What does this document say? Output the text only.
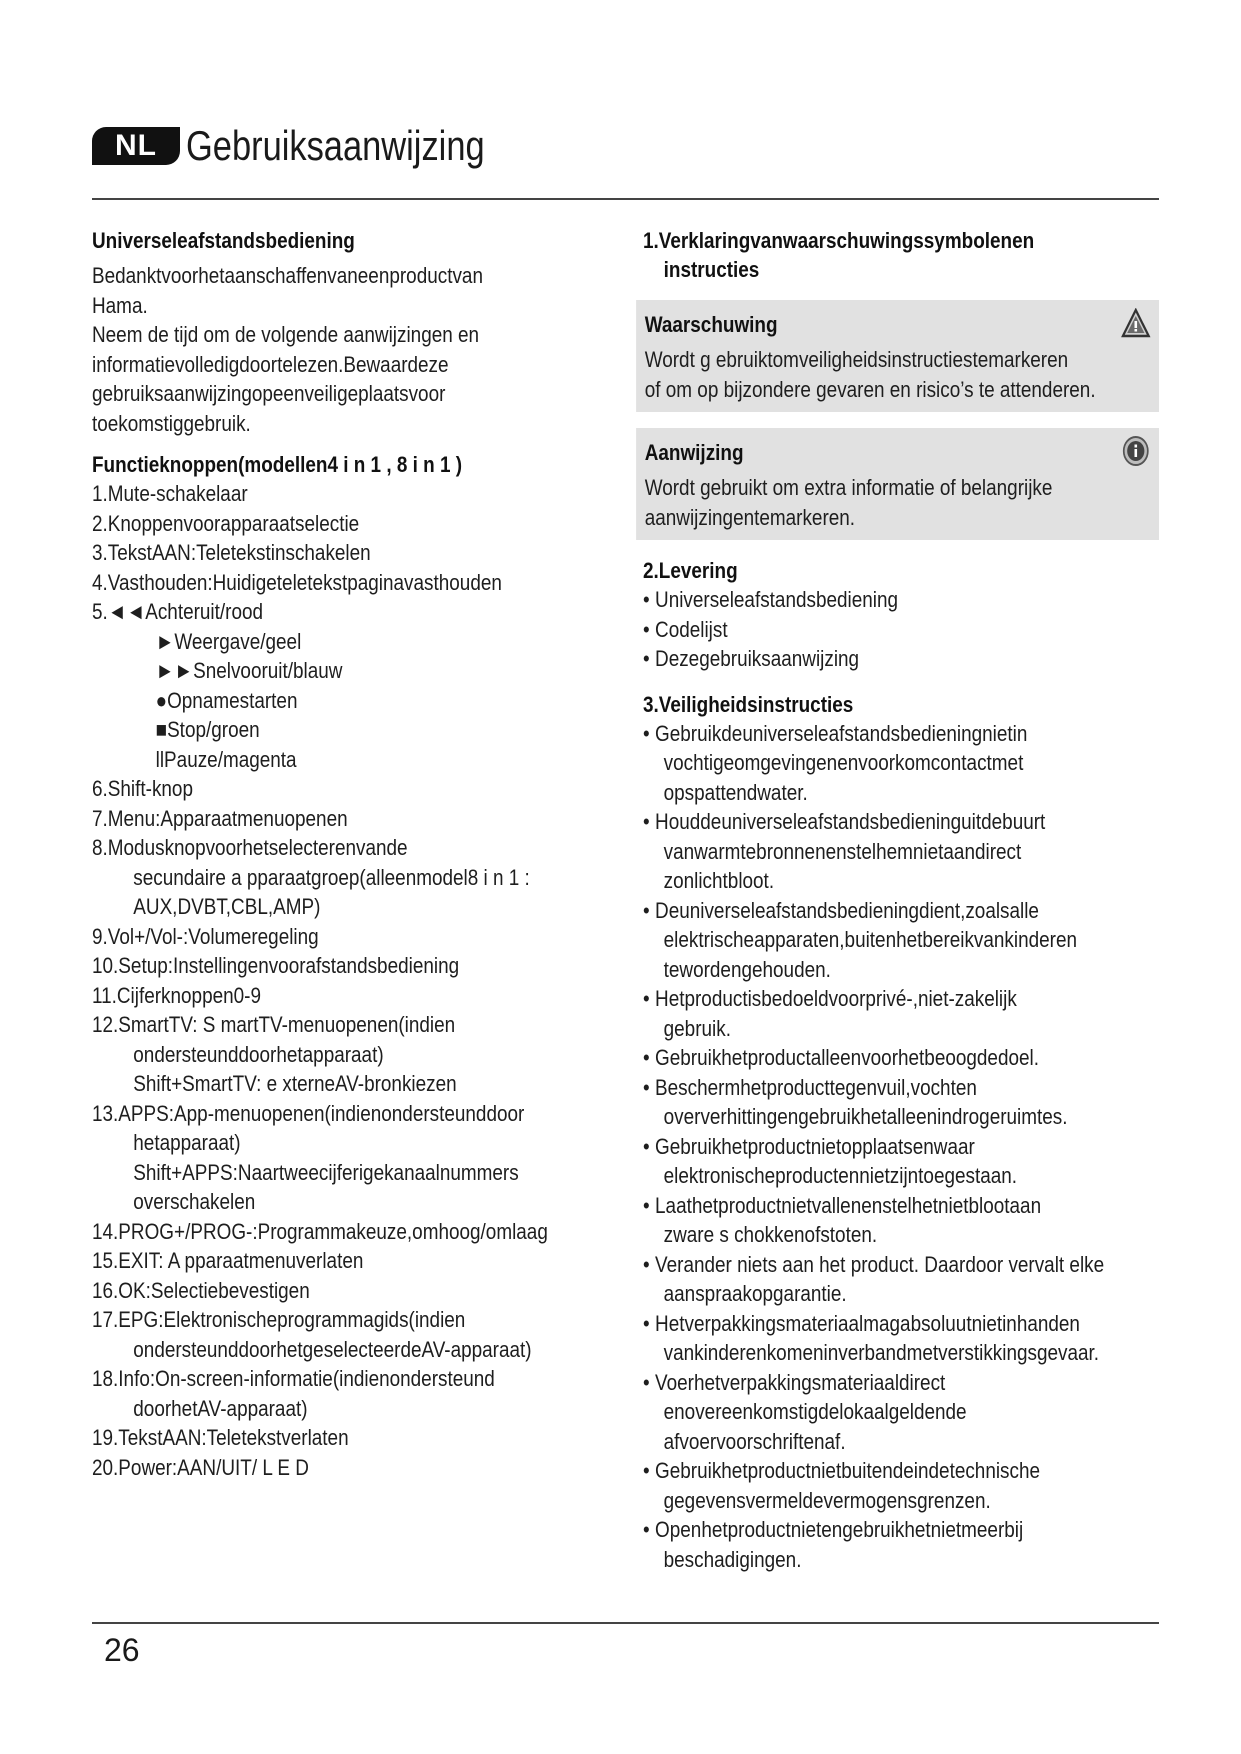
NL Gebruiksaanwijzing

Universeleafstandsbediening

Bedanktvoorhetaanschaffenvaneenproductvan

Hama.

Neem de tijd om de volgende aanwijzingen en

informatievolledigdoortelezen.Bewaardeze

gebruiksaanwijzingopeenveiligeplaatsvoor

toekomstiggebruik.

Functieknoppen(modellen4 i n 1 , 8 i n 1 )

1.Mute-schakelaar

2.Knoppenvoorapparaatselectie

3.TekstAAN:Teletekstinschakelen

4.Vasthouden:Huidigeteletekstpaginavasthouden

5.◄◄Achteruit/rood

►Weergave/geel

►►Snelvooruit/blauw

●Opnamestarten

■Stop/groen

llPauze/magenta

6.Shift-knop

7.Menu:Apparaatmenuopenen

8.Modusknopvoorhetselecterenvande

secundaire a pparaatgroep(alleenmodel8 i n 1 :

AUX,DVBT,CBL,AMP)

9.Vol+/Vol-:Volumeregeling

10.Setup:Instellingenvoorafstandsbediening

11.Cijferknoppen0-9

12.SmartTV: S martTV-menuopenen(indien

ondersteunddoorhetapparaat)

Shift+SmartTV: e xterneAV-bronkiezen

13.APPS:App-menuopenen(indienondersteunddoor

hetapparaat)

Shift+APPS:Naartweecijferigekanaalnummers

overschakelen

14.PROG+/PROG-:Programmakeuze,omhoog/omlaag

15.EXIT: A pparaatmenuverlaten

16.OK:Selectiebevestigen

17.EPG:Elektronischeprogrammagids(indien

ondersteunddoorhetgeselecteerdeAV-apparaat)

18.Info:On-screen-informatie(indienondersteund

doorhetAV-apparaat)

19.TekstAAN:Teletekstverlaten

20.Power:AAN/UIT/ L E D

1.Verklaringvanwaarschuwingssymbolenen

instructies

Waarschuwing

Wordt g ebruiktomveiligheidsinstructiestemarkeren

of om op bijzondere gevaren en risico’s te attenderen.

Aanwijzing

Wordt gebruikt om extra informatie of belangrijke

aanwijzingentemarkeren.

2.Levering

• Universeleafstandsbediening
• Codelijst
• Dezegebruiksaanwijzing

3.Veiligheidsinstructies

• Gebruikdeuniverseleafstandsbedieningnietin
vochtigeomgevingenenvoorkomcontactmet
opspattendwater.
• Houddeuniverseleafstandsbedieninguitdebuurt
vanwarmtebronnenenstelhemnietaandirect
zonlichtbloot.
• Deuniverseleafstandsbedieningdient,zoalsalle
elektrischeapparaten,buitenhetbereikvankinderen
tewordengehouden.
• Hetproductisbedoeldvoorprivé-,niet-zakelijk
gebruik.
• Gebruikhetproductalleenvoorhetbeoogdedoel.
• Beschermhetproducttegenvuil,vochten
oververhittingengebruikhetalleenindrogeruimtes.
• Gebruikhetproductnietopplaatsenwaar
elektronischeproductennietzijntoegestaan.
• Laathetproductnietvallenenstelhetnietblootaan
zware s chokkenofstoten.
• Verander niets aan het product. Daardoor vervalt elke
aanspraakopgarantie.
• Hetverpakkingsmateriaalmagabsoluutnietinhanden
vankinderenkomeninverbandmetverstikkingsgevaar.
• Voerhetverpakkingsmateriaaldirect
enovereenkomstigdelokaalgeldende
afvoervoorschriftenaf.
• Gebruikhetproductnietbuitendeindetechnische
gegevensvermeldevermogensgrenzen.
• Openhetproductnietengebruikhetnietmeerbij
beschadigingen.
26
